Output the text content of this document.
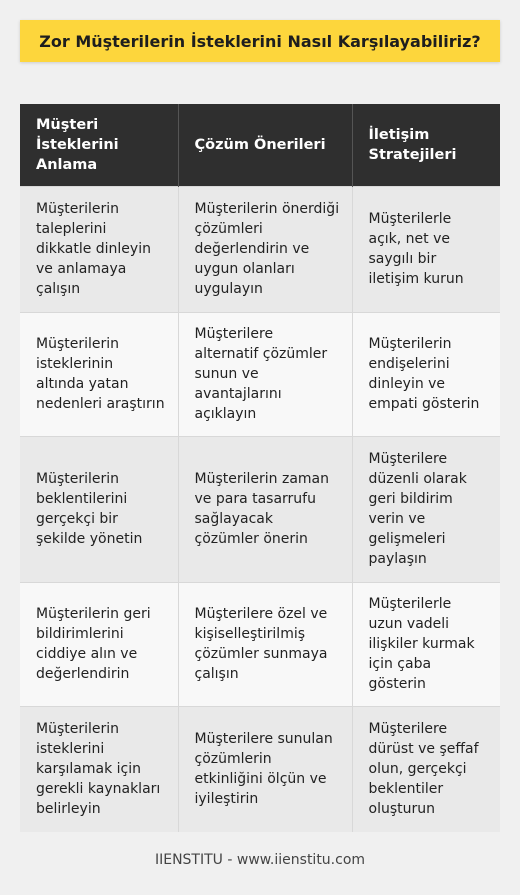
Zor Müşterilerin İsteklerini Nasıl Karşılayabiliriz?
Müşteri İsteklerini Anlama	Çözüm Önerileri	İletişim Stratejileri
Müşterilerin taleplerini dikkatle dinleyin ve anlamaya çalışın	Müşterilerin önerdiği çözümleri değerlendirin ve uygun olanları uygulayın	Müşterilerle açık, net ve saygılı bir iletişim kurun
Müşterilerin isteklerinin altında yatan nedenleri araştırın	Müşterilere alternatif çözümler sunun ve avantajlarını açıklayın	Müşterilerin endişelerini dinleyin ve empati gösterin
Müşterilerin beklentilerini gerçekçi bir şekilde yönetin	Müşterilerin zaman ve para tasarrufu sağlayacak çözümler önerin	Müşterilere düzenli olarak geri bildirim verin ve gelişmeleri paylaşın
Müşterilerin geri bildirimlerini ciddiye alın ve değerlendirin	Müşterilere özel ve kişiselleştirilmiş çözümler sunmaya çalışın	Müşterilerle uzun vadeli ilişkiler kurmak için çaba gösterin
Müşterilerin isteklerini karşılamak için gerekli kaynakları belirleyin	Müşterilere sunulan çözümlerin etkinliğini ölçün ve iyileştirin	Müşterilere dürüst ve şeffaf olun, gerçekçi beklentiler oluşturun
IIENSTITU - www.iienstitu.com
